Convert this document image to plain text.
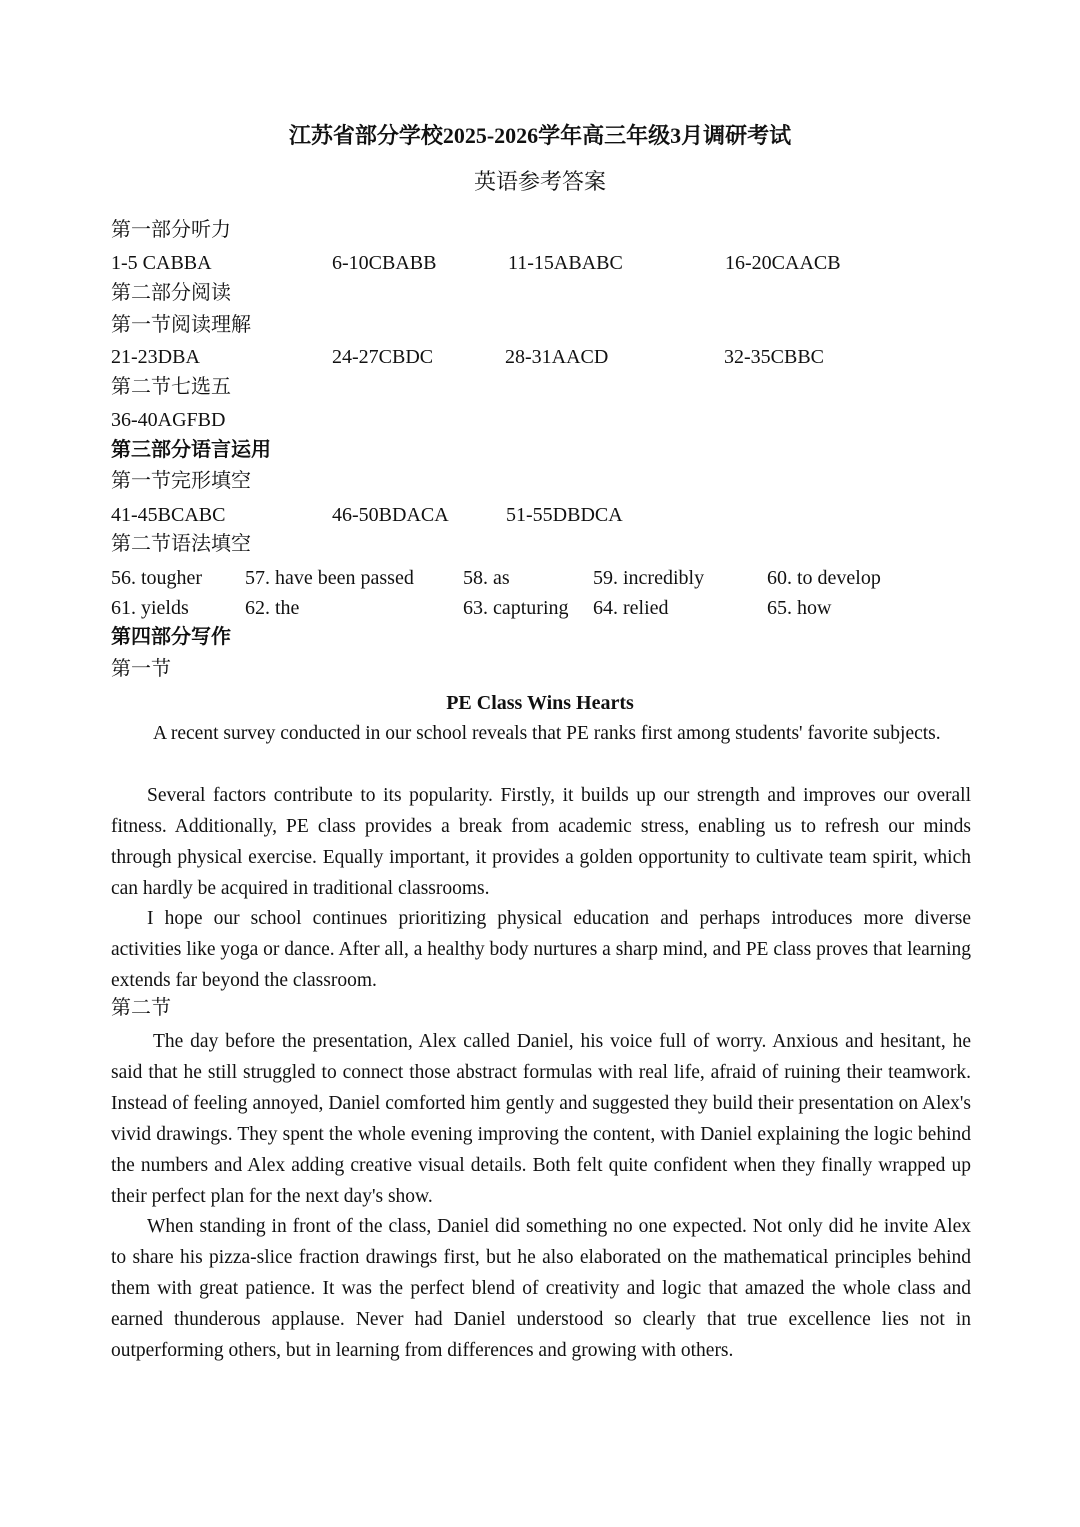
江苏省部分学校2025-2026学年高三年级3月调研考试
英语参考答案
第一部分听力
1-5 CABBA	6-10CBABB	11-15ABABC	16-20CAACB
第二部分阅读
第一节阅读理解
21-23DBA	24-27CBDC	28-31AACD	32-35CBBC
第二节七选五
36-40AGFBD
第三部分语言运用
第一节完形填空
41-45BCABC	46-50BDACA	51-55DBDCA
第二节语法填空
56. tougher 57. have been passed 58. as	59. incredibly	60. to develop
61. yields	62. the	63. capturing 64. relied	65. how
第四部分写作
第一节
PE Class Wins Hearts
A recent survey conducted in our school reveals that PE ranks first among students' favorite subjects.
Several factors contribute to its popularity. Firstly, it builds up our strength and improves our overall fitness. Additionally, PE class provides a break from academic stress, enabling us to refresh our minds through physical exercise. Equally important, it provides a golden opportunity to cultivate team spirit, which can hardly be acquired in traditional classrooms.
I hope our school continues prioritizing physical education and perhaps introduces more diverse activities like yoga or dance. After all, a healthy body nurtures a sharp mind, and PE class proves that learning extends far beyond the classroom.
第二节
The day before the presentation, Alex called Daniel, his voice full of worry. Anxious and hesitant, he said that he still struggled to connect those abstract formulas with real life, afraid of ruining their teamwork. Instead of feeling annoyed, Daniel comforted him gently and suggested they build their presentation on Alex's vivid drawings. They spent the whole evening improving the content, with Daniel explaining the logic behind the numbers and Alex adding creative visual details. Both felt quite confident when they finally wrapped up their perfect plan for the next day's show.
When standing in front of the class, Daniel did something no one expected. Not only did he invite Alex to share his pizza-slice fraction drawings first, but he also elaborated on the mathematical principles behind them with great patience. It was the perfect blend of creativity and logic that amazed the whole class and earned thunderous applause. Never had Daniel understood so clearly that true excellence lies not in outperforming others, but in learning from differences and growing with others.
